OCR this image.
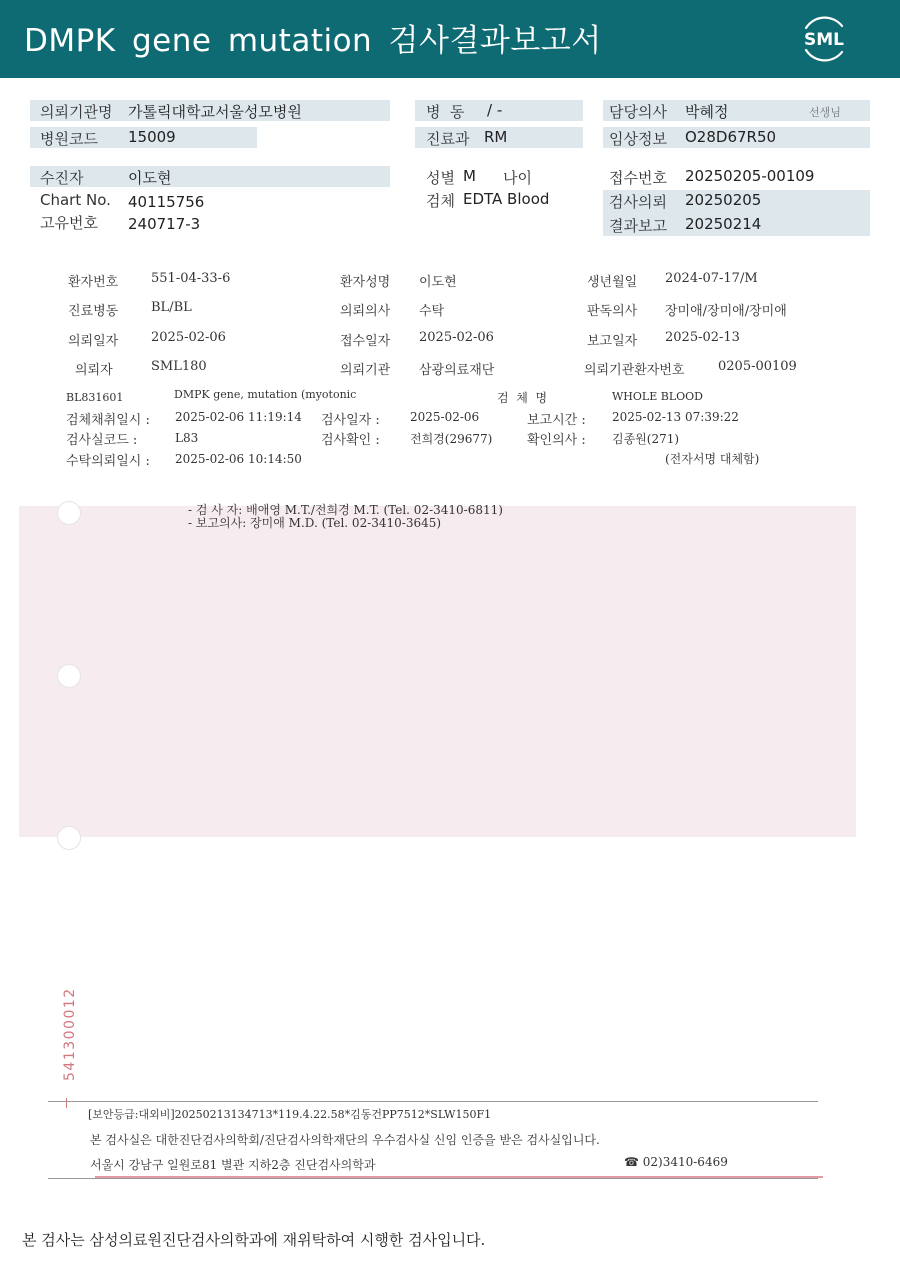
DMPK gene mutation 검사결과보고서	SML
의뢰기관명 가톨릭대학교서울성모병원
병원코드 15009
병  동 / -
진료과 RM
담당의사 박혜정	선생님
임상정보 O28D67R50
수진자	이도현
Chart No. 40115756
고유번호 240717-3
성별 M 나이
검체 EDTA Blood
접수번호 20250205-00109
검사의뢰 20250205
결과보고 20250214
환자번호	551-04-33-6	환자성명 이도현	생년월일 2024-07-17/M
진료병동	BL/BL	의뢰의사 수탁	판독의사 장미애/장미애/장미애
의뢰일자	2025-02-06	접수일자 2025-02-06	보고일자 2025-02-13
의뢰자	SML180	의뢰기관 삼광의료재단	의뢰기관환자번호	0205-00109
BL831601	DMPK gene, mutation (myotonic	검  체  명	WHOLE BLOOD
검체채취일시 : 2025-02-06 11:19:14 검사일자 :	2025-02-06	보고시간 : 2025-02-13 07:39:22
검사실코드 :	L83	검사확인 :	전희경(29677)	확인의사 : 김종원(271)
수탁의뢰일시 : 2025-02-06 10:14:50	(전자서명 대체함)
- 검 사 자: 배애영 M.T./전희경 M.T. (Tel. 02-3410-6811)
- 보고의사: 장미애 M.D. (Tel. 02-3410-3645)
541300012
[보안등급:대외비]20250213134713*119.4.22.58*김동건PP7512*SLW150F1
본 검사실은 대한진단검사의학회/진단검사의학재단의 우수검사실 신임 인증을 받은 검사실입니다.
서울시 강남구 일원로81 별관 지하2층 진단검사의학과	☎ 02)3410-6469
본 검사는 삼성의료원진단검사의학과에 재위탁하여 시행한 검사입니다.
